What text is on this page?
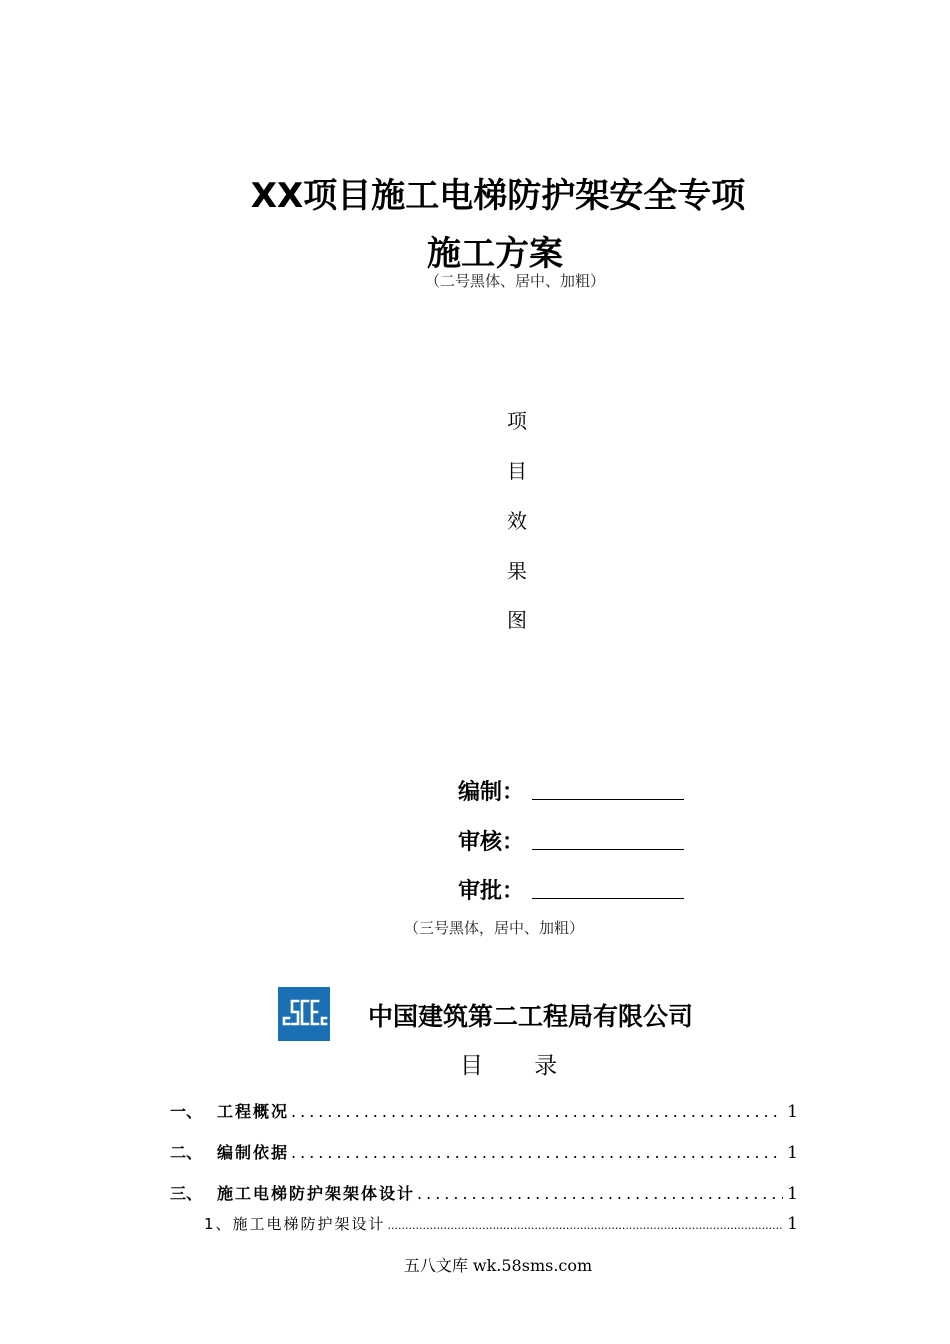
XX项目施工电梯防护架安全专项
施工方案
（二号黑体、居中、加粗）
项
目
效
果
图
编制：
审核：
审批：
（三号黑体，居中、加粗）
中国建筑第二工程局有限公司
目 录
一、 工程概况 .....	1
二、 编制依据 .....	1
三、 施工电梯防护架架体设计 .....	1
1、施工电梯防护架设计 .....	1
五八文库 wk.58sms.com
